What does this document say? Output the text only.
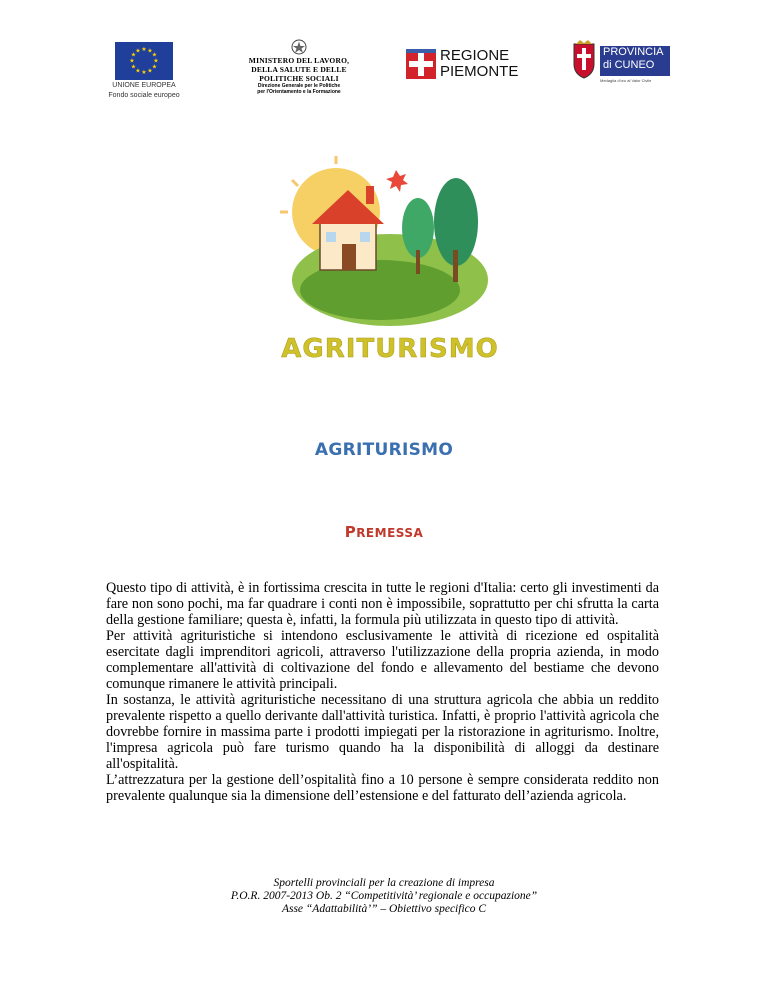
★ ★
★
★
★
★
★
★
★
★
★
★
UNIONE EUROPEA
Fondo sociale europeo
MINISTERO DEL LAVORO,
DELLA SALUTE E DELLE POLITICHE SOCIALI
Direzione Generale per le Politiche
per l'Orientamento e la Formazione
REGIONE
PIEMONTE
PROVINCIA
di CUNEO
Medaglia d'oro al Valor Civile
AGRITURISMO
AGRITURISMO
PREMESSA

Questo tipo di attività, è in fortissima crescita in tutte le regioni d'Italia: certo gli investimenti da fare non sono pochi, ma far quadrare i conti non è impossibile, soprattutto per chi sfrutta la carta della gestione familiare; questa è, infatti, la formula più utilizzata in questo tipo di attività.

Per attività agrituristiche si intendono esclusivamente le attività di ricezione ed ospitalità esercitate dagli imprenditori agricoli, attraverso l'utilizzazione della propria azienda, in modo complementare all'attività di coltivazione del fondo e allevamento del bestiame che devono comunque rimanere le attività principali.

In sostanza, le attività agrituristiche necessitano di una struttura agricola che abbia un reddito prevalente rispetto a quello derivante dall'attività turistica. Infatti, è proprio l'attività agricola che dovrebbe fornire in massima parte i prodotti impiegati per la ristorazione in agriturismo. Inoltre, l'impresa agricola può fare turismo quando ha la disponibilità di alloggi da destinare all'ospitalità.

L’attrezzatura per la gestione dell’ospitalità fino a 10 persone è sempre considerata reddito non prevalente qualunque sia la dimensione dell’estensione e del fatturato dell’azienda agricola.

Sportelli provinciali per la creazione di impresa
P.O.R. 2007-2013 Ob. 2 “Competitività’ regionale e occupazione”
Asse “Adattabilità’” – Obiettivo specifico C
